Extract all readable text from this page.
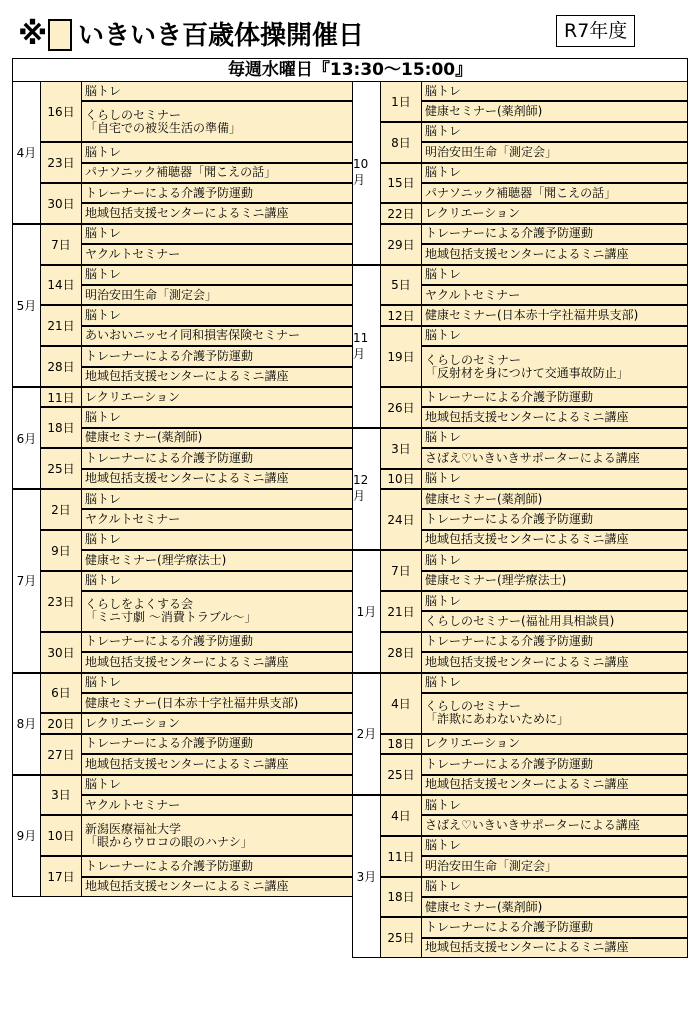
※ いきいき百歳体操開催日	R7年度
毎週水曜日『13:30〜15:00』
脳トレ
くらしのセミナー
「自宅での被災生活の準備」
16日
脳トレ
パナソニック補聴器「聞こえの話」
23日
トレーナーによる介護予防運動
地域包括支援センターによるミニ講座
30日
4月
脳トレ
ヤクルトセミナー
7日
脳トレ
明治安田生命「測定会」
14日
脳トレ
あいおいニッセイ同和損害保険セミナー
21日
トレーナーによる介護予防運動
地域包括支援センターによるミニ講座
28日
5月
レクリエーション
11日
脳トレ
健康セミナー(薬剤師)
18日
トレーナーによる介護予防運動
地域包括支援センターによるミニ講座
25日
6月
脳トレ
ヤクルトセミナー
2日
脳トレ
健康セミナー(理学療法士)
9日
脳トレ
くらしをよくする会
「ミニ寸劇 〜消費トラブル〜」
23日
トレーナーによる介護予防運動
地域包括支援センターによるミニ講座
30日
7月
脳トレ
健康セミナー(日本赤十字社福井県支部)
6日
レクリエーション
20日
トレーナーによる介護予防運動
地域包括支援センターによるミニ講座
27日
8月
脳トレ
ヤクルトセミナー
3日
新潟医療福祉大学
「眼からウロコの眼のハナシ」
10日
トレーナーによる介護予防運動
地域包括支援センターによるミニ講座
17日
9月
脳トレ
健康セミナー(薬剤師)
1日
脳トレ
明治安田生命「測定会」
8日
脳トレ
パナソニック補聴器「聞こえの話」
15日
レクリエーション
22日
トレーナーによる介護予防運動
地域包括支援センターによるミニ講座
29日
10月
脳トレ
ヤクルトセミナー
5日
健康セミナー(日本赤十字社福井県支部)
12日
脳トレ
くらしのセミナー
「反射材を身につけて交通事故防止」
19日
トレーナーによる介護予防運動
地域包括支援センターによるミニ講座
26日
11月
脳トレ
さばえ♡いきいきサポーターによる講座
3日
脳トレ
10日
健康セミナー(薬剤師)
トレーナーによる介護予防運動
地域包括支援センターによるミニ講座
24日
12月
脳トレ
健康セミナー(理学療法士)
7日
脳トレ
くらしのセミナー(福祉用具相談員)
21日
トレーナーによる介護予防運動
地域包括支援センターによるミニ講座
28日
1月
脳トレ
くらしのセミナー
「詐欺にあわないために」
4日
レクリエーション
18日
トレーナーによる介護予防運動
地域包括支援センターによるミニ講座
25日
2月
脳トレ
さばえ♡いきいきサポーターによる講座
4日
脳トレ
明治安田生命「測定会」
11日
脳トレ
健康セミナー(薬剤師)
18日
トレーナーによる介護予防運動
地域包括支援センターによるミニ講座
25日
3月
